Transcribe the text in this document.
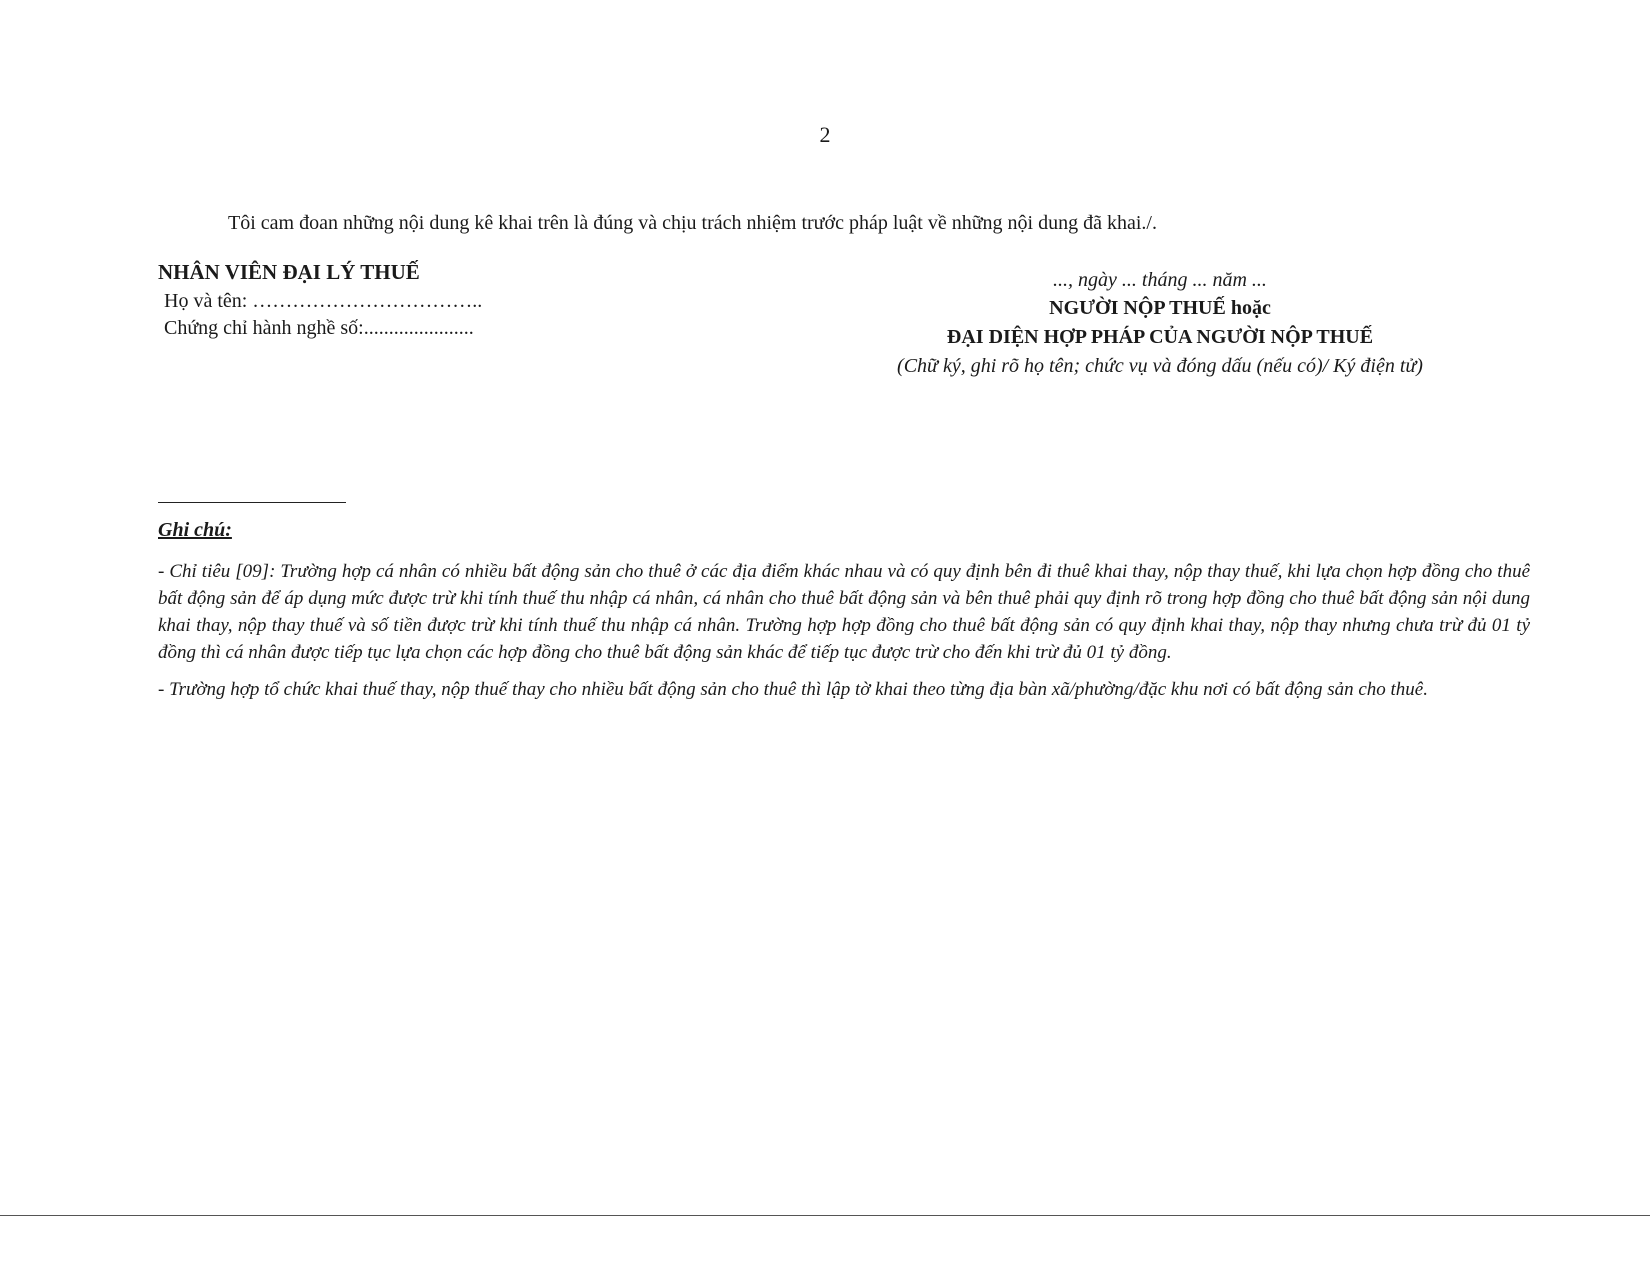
2
Tôi cam đoan những nội dung kê khai trên là đúng và chịu trách nhiệm trước pháp luật về những nội dung đã khai./.
NHÂN VIÊN ĐẠI LÝ THUẾ
Họ và tên: ……………………………..
Chứng chỉ hành nghề số:......................
..., ngày ... tháng ... năm ...
NGƯỜI NỘP THUẾ hoặc
ĐẠI DIỆN HỢP PHÁP CỦA NGƯỜI NỘP THUẾ
(Chữ ký, ghi rõ họ tên; chức vụ và đóng dấu (nếu có)/ Ký điện tử)
Ghi chú:

- Chỉ tiêu [09]: Trường hợp cá nhân có nhiều bất động sản cho thuê ở các địa điểm khác nhau và có quy định bên đi thuê khai thay, nộp thay thuế, khi lựa chọn hợp đồng cho thuê bất động sản để áp dụng mức được trừ khi tính thuế thu nhập cá nhân, cá nhân cho thuê bất động sản và bên thuê phải quy định rõ trong hợp đồng cho thuê bất động sản nội dung khai thay, nộp thay thuế và số tiền được trừ khi tính thuế thu nhập cá nhân. Trường hợp hợp đồng cho thuê bất động sản có quy định khai thay, nộp thay nhưng chưa trừ đủ 01 tỷ đồng thì cá nhân được tiếp tục lựa chọn các hợp đồng cho thuê bất động sản khác để tiếp tục được trừ cho đến khi trừ đủ 01 tỷ đồng.

- Trường hợp tổ chức khai thuế thay, nộp thuế thay cho nhiều bất động sản cho thuê thì lập tờ khai theo từng địa bàn xã/phường/đặc khu nơi có bất động sản cho thuê.
